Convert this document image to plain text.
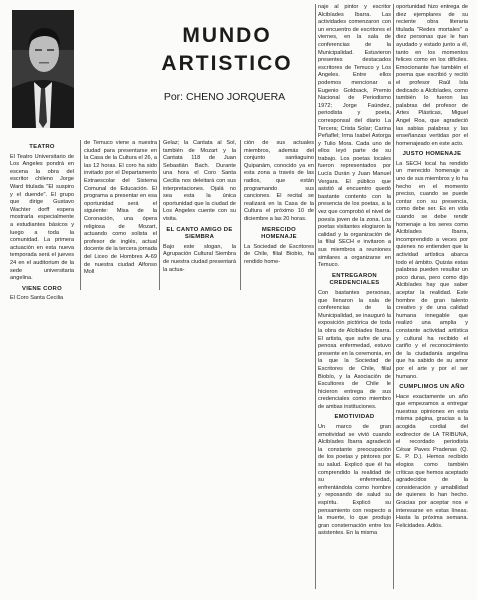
MUNDO
ARTISTICO
Por: CHENO JORQUERA
TEATRO

El Teatro Universitario de Los Angeles pondrá en escena la obra del escritor chileno Jorge Ward titulada "El suspiro y el duende". El grupo que dirige Gustavo Wachter dorff espera mostrarla especialmente a estudiantes básicos y luego a toda la comunidad. La primera actuación en esta nueva temporada será el jueves 24 en el auditorium de la sede universitaria angelina.

VIENE CORO

El Coro Santa Cecilia

de Temuco viene a nuestra ciudad para presentarse en la Casa de la Cultura el 26, a las 12 horas. El coro ha sido invitado por el Departamento Extraescolar del Sistema Comunal de Educación. El programa a presentar en esa oportunidad será el siguiente: Misa de la Coronación, una ópera religiosa de Mozart, actuando como solista el profesor de inglés, actual docente de la tercera jornada del Liceo de Hombres A-69 de nuestra ciudad Alfonso Moll

Gelaz; la Cantata al Sol, también de Mozart y la Cantata 118 de Juan Sebastián Bach. Durante una hora el Coro Santa Cecilia nos deleitará con sus interpretaciones. Ojalá no sea esta la única oportunidad que la ciudad de Los Angeles cuente con su visita.

EL CANTO AMIGO DE SIEMBRA

Bajo este slogan, la Agrupación Cultural Siembra de nuestra ciudad presentará la actua-

ción de sus actuales miembros, además del conjunto santiaguino Quipanám, conocido ya en esta zona a través de las radios, que están programando sus canciones. El recital se realizará en la Casa de la Cultura el próximo 10 de diciembre a las 20 horas.

MERECIDO HOMENAJE

La Sociedad de Escritores de Chile, filial Biobío, ha rendido home-

naje al pintor y escritor Alcibíades Ibarra. Las actividades comenzaron con un encuentro de escritores el viernes, en la sala de conferencias de la Municipalidad. Estuvieron presentes destacados escritores de Temuco y Los Angeles. Entre ellos podemos mencionar a Eugenio Goldsack, Premio Nacional de Periodismo 1972; Jorge Faúndez, periodista y poeta, corresponsal del diario La Tercera; Crista Solar; Carina Peñaflel; Irma Isabel Astorga y Tulio Mora. Cada uno de ellos leyó parte de su trabajo. Los poetas locales fueron representados por Lucía Durán y Juan Manuel Vergara. El público que asistió al encuentro quedó bastante contento con la presencia de los poetas, a la vez que comprobó el nivel de poesía joven de la zona. Los poetas visitantes elogiaron la calidad y la organización de la filial SECH e invitaron a sus miembros a reuniones similares a organizarse en Temuco.

ENTREGARON CREDENCIALES

Con bastantes personas, que llenaron la sala de conferencias de la Municipalidad, se inauguró la exposición pictórica de toda la obra de Alcibíades Ibarra. El artista, que sufre de una penosa enfermedad, estuvo presente en la ceremonia, en la que la Sociedad de Escritores de Chile, filial Biobío, y la Asociación de Escultores de Chile le hicieron entrega de sus credenciales como miembro de ambas instituciones.

EMOTIVIDAD

Un marco de gran emotividad se vivió cuando Alcibíades Ibarra agradeció la constante preocupación de los poetas y pintores por su salud. Explicó que él ha comprendido la realidad de su enfermedad, enfrentándola como hombre y reposando de salud su espíritu. Explicó su pensamiento con respecto a la muerte, lo que produjo gran consternación entre los asistentes. En la misma

oportunidad hizo entrega de diez ejemplares de su reciente obra literaria titulada "Redes mortales" a diez personas que le han ayudado y estado junto a él, tanto en los momentos felices como en los difíciles. Emocionante fue también el poema que escribió y recitó el profesor Raúl Isla dedicado a Alcibíades, como también lo fueron las palabras del profesor de Artes Plásticas, Miguel Angel Roa, que agradeció las sabias palabras y las enseñanzas vertidas por el homenajeado en este acto.

JUSTO HOMENAJE

La SECH local ha rendido un merecido homenaje a uno de sus miembros y lo ha hecho en el momento preciso, cuando se puede contar con su presencia, como debe ser. Es en vida cuando se debe rendir homenaje a los seres como Alcibíades Ibarra, incomprendido a veces por quienes no entienden que la actividad artística abarca todo el ámbito. Quizás estas palabras pueden resultar un poco duras, pero como dijo Alcibíades hay que saber aceptar la realidad. Este hombre de gran talento creativo y de una calidad humana innegable que realizó una amplia y constante actividad artística y cultural ha recibido el cariño y el reconocimiento de la ciudadanía angelina que ha sabido de su amor por el arte y por el ser humano.

CUMPLIMOS UN AÑO

Hace exactamente un año que empezamos a entregar nuestras opiniones en esta misma página, gracias a la acogida cordial del exdirector de LA TRIBUNA, el recordado periodista César Paves Pradenas (Q. E. P. D.). Hemos recibido elogios como también críticas que hemos aceptado agradecidos de la consideración y amabilidad de quienes lo han hecho. Gracias por aceptar nos e interesarse en estas líneas. Hasta la próxima semana. Felicidades. Adiós.
